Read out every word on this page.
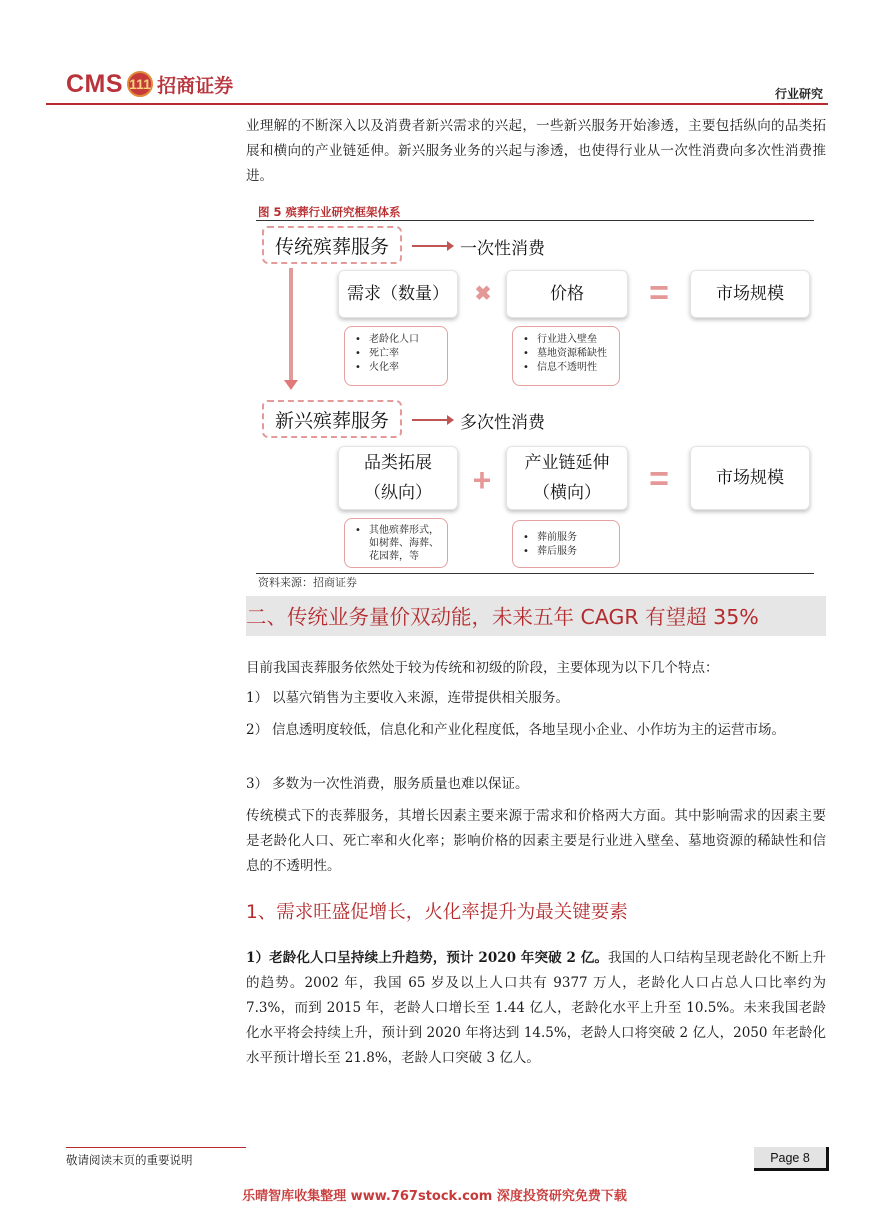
CMS 111 招商证券	行业研究
业理解的不断深入以及消费者新兴需求的兴起，一些新兴服务开始渗透，主要包括纵向的品类拓展和横向的产业链延伸。新兴服务业务的兴起与渗透，也使得行业从一次性消费向多次性消费推进。
图 5 殡葬行业研究框架体系
传统殡葬服务	一次性消费
需求（数量）	✖	价格	=	市场规模
• 老龄化人口
• 死亡率
• 火化率
• 行业进入壁垒
• 墓地资源稀缺性
• 信息不透明性
新兴殡葬服务	多次性消费
品类拓展
（纵向） +	产业链延伸
（横向） =	市场规模
• 其他殡葬形式，如树葬、海葬、花园葬，等
• 葬前服务
• 葬后服务
资料来源：招商证券
二、传统业务量价双动能，未来五年 CAGR 有望超 35%
目前我国丧葬服务依然处于较为传统和初级的阶段，主要体现为以下几个特点：
1） 以墓穴销售为主要收入来源，连带提供相关服务。
2） 信息透明度较低，信息化和产业化程度低，各地呈现小企业、小作坊为主的运营市场。
3） 多数为一次性消费，服务质量也难以保证。
传统模式下的丧葬服务，其增长因素主要来源于需求和价格两大方面。其中影响需求的因素主要是老龄化人口、死亡率和火化率；影响价格的因素主要是行业进入壁垒、墓地资源的稀缺性和信息的不透明性。
1、需求旺盛促增长，火化率提升为最关键要素
1）老龄化人口呈持续上升趋势，预计 2020 年突破 2 亿。我国的人口结构呈现老龄化不断上升的趋势。2002 年，我国 65 岁及以上人口共有 9377 万人，老龄化人口占总人口比率约为 7.3%，而到 2015 年，老龄人口增长至 1.44 亿人，老龄化水平上升至 10.5%。未来我国老龄化水平将会持续上升，预计到 2020 年将达到 14.5%，老龄人口将突破 2 亿人，2050 年老龄化水平预计增长至 21.8%，老龄人口突破 3 亿人。
敬请阅读末页的重要说明	Page 8
乐晴智库收集整理 www.767stock.com 深度投资研究免费下载
